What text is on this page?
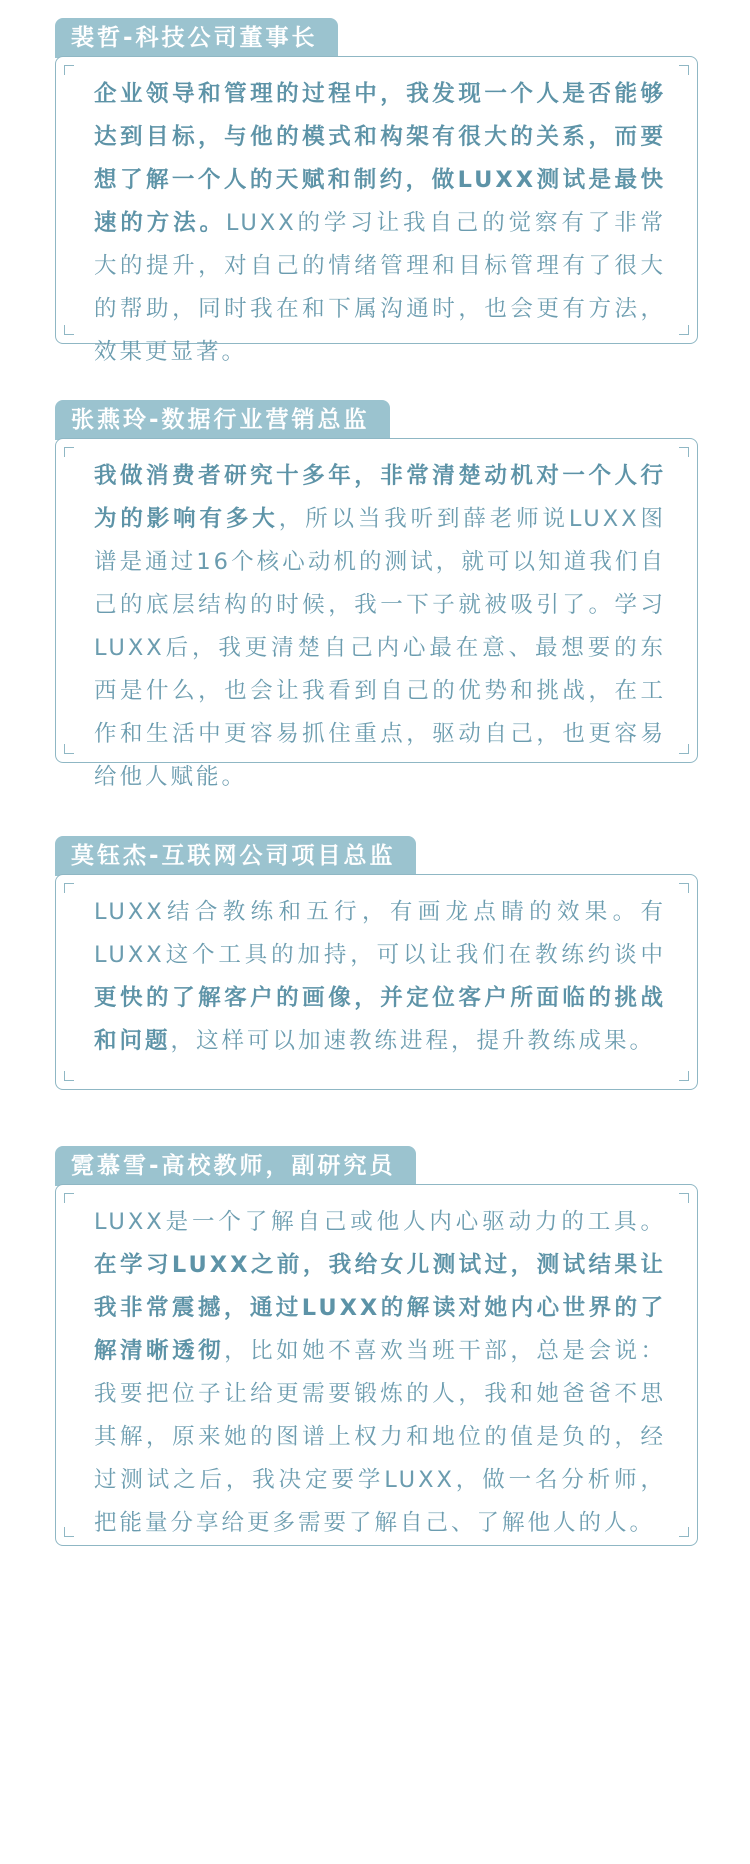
裴哲-科技公司董事长

企业领导和管理的过程中，我发现一个人是否能够达到目标，与他的模式和构架有很大的关系，而要想了解一个人的天赋和制约，做LUXX测试是最快速的方法。LUXX的学习让我自己的觉察有了非常大的提升，对自己的情绪管理和目标管理有了很大的帮助，同时我在和下属沟通时，也会更有方法，效果更显著。

张燕玲-数据行业营销总监

我做消费者研究十多年，非常清楚动机对一个人行为的影响有多大，所以当我听到薛老师说LUXX图谱是通过16个核心动机的测试，就可以知道我们自己的底层结构的时候，我一下子就被吸引了。学习LUXX后，我更清楚自己内心最在意、最想要的东西是什么，也会让我看到自己的优势和挑战，在工作和生活中更容易抓住重点，驱动自己，也更容易给他人赋能。

莫钰杰-互联网公司项目总监

LUXX结合教练和五行，有画龙点睛的效果。有LUXX这个工具的加持，可以让我们在教练约谈中更快的了解客户的画像，并定位客户所面临的挑战和问题，这样可以加速教练进程，提升教练成果。

霓慕雪-高校教师，副研究员

LUXX是一个了解自己或他人内心驱动力的工具。在学习LUXX之前，我给女儿测试过，测试结果让我非常震撼，通过LUXX的解读对她内心世界的了解清晰透彻，比如她不喜欢当班干部，总是会说：我要把位子让给更需要锻炼的人，我和她爸爸不思其解，原来她的图谱上权力和地位的值是负的，经过测试之后，我决定要学LUXX，做一名分析师，把能量分享给更多需要了解自己、了解他人的人。
